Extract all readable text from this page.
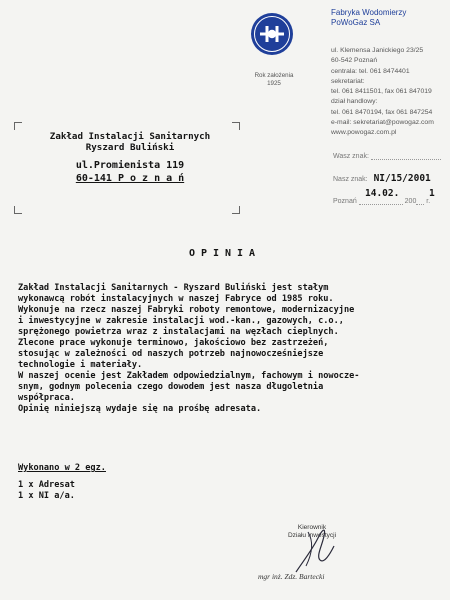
Rok założenia
1925
Fabryka Wodomierzy
PoWoGaz SA
ul. Klemensa Janickiego 23/25
60-542 Poznań
centrala: tel. 061 8474401
sekretariat:
tel. 061 8411501, fax 061 847019
dział handlowy:
tel. 061 8470194, fax 061 847254
e-mail: sekretariat@powogaz.com
www.powogaz.com.pl
Zakład Instalacji Sanitarnych
Ryszard Buliński
ul.Promienista 119
60-141 P o z n a ń
Wasz znak:
Nasz znak: NI/15/2001
14.02.	1
Poznań	200 r.
OPINIA
Zakład Instalacji Sanitarnych - Ryszard Buliński jest stałym
wykonawcą robót instalacyjnych w naszej Fabryce od 1985 roku.
Wykonuje na rzecz naszej Fabryki roboty remontowe, modernizacyjne
i inwestycyjne w zakresie instalacji wod.-kan., gazowych, c.o.,
sprężonego powietrza wraz z instalacjami na węzłach cieplnych.
Zlecone prace wykonuje terminowo, jakościowo bez zastrzeżeń,
stosując w zależności od naszych potrzeb najnowocześniejsze
technologie i materiały.
W naszej ocenie jest Zakładem odpowiedzialnym, fachowym i nowocze-
snym, godnym polecenia czego dowodem jest nasza długoletnia
współpraca.
Opinię niniejszą wydaje się na prośbę adresata.
Wykonano w 2 egz.
1 x Adresat
1 x NI a/a.
Kierownik
Działu Inwestycji
mgr inż. Zdz. Bartecki
